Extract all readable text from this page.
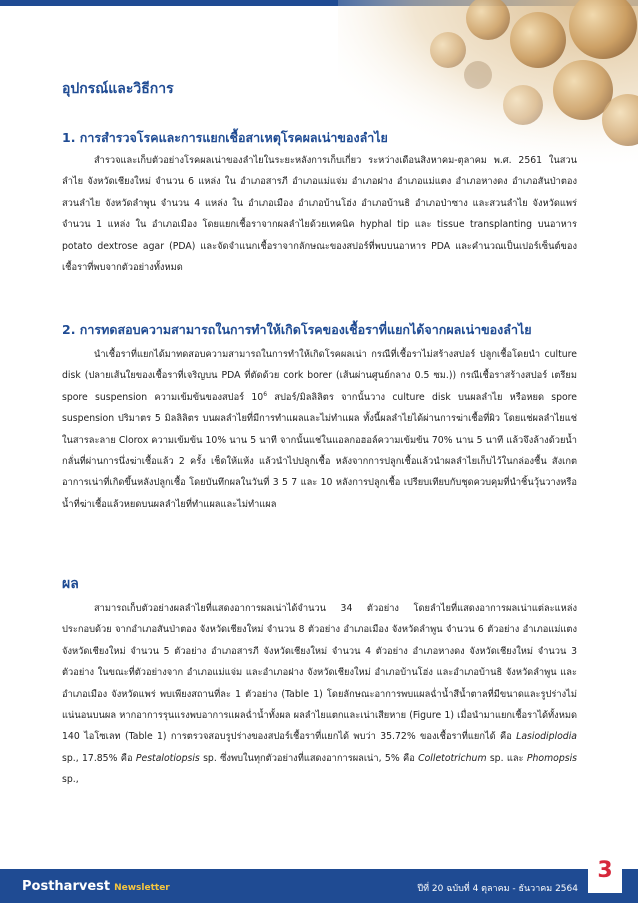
อุปกรณ์และวิธีการ
1. การสำรวจโรคและการแยกเชื้อสาเหตุโรคผลเน่าของลำไย

สำรวจและเก็บตัวอย่างโรคผลเน่าของลำไยในระยะหลังการเก็บเกี่ยว ระหว่างเดือนสิงหาคม-ตุลาคม พ.ศ. 2561 ในสวนลำไย จังหวัดเชียงใหม่ จำนวน 6 แหล่ง ใน อำเภอสารภี อำเภอแม่แจ่ม อำเภอฝาง อำเภอแม่แตง อำเภอหางดง อำเภอสันป่าตอง สวนลำไย จังหวัดลำพูน จำนวน 4 แหล่ง ใน อำเภอเมือง อำเภอบ้านโฮ่ง อำเภอบ้านธิ อำเภอป่าซาง และสวนลำไย จังหวัดแพร่ จำนวน 1 แหล่ง ใน อำเภอเมือง โดยแยกเชื้อราจากผลลำไยด้วยเทคนิค hyphal tip และ tissue transplanting บนอาหาร potato dextrose agar (PDA) และจัดจำแนกเชื้อราจากลักษณะของสปอร์ที่พบบนอาหาร PDA และคำนวณเป็นเปอร์เซ็นต์ของเชื้อราที่พบจากตัวอย่างทั้งหมด

2. การทดสอบความสามารถในการทำให้เกิดโรคของเชื้อราที่แยกได้จากผลเน่าของลำไย

นำเชื้อราที่แยกได้มาทดสอบความสามารถในการทำให้เกิดโรคผลเน่า กรณีที่เชื้อราไม่สร้างสปอร์ ปลูกเชื้อโดยนำ culture disk (ปลายเส้นใยของเชื้อราที่เจริญบน PDA ที่ตัดด้วย cork borer (เส้นผ่านศูนย์กลาง 0.5 ซม.)) กรณีเชื้อราสร้างสปอร์ เตรียม spore suspension ความเข้มข้นของสปอร์ $10^6$ สปอร์/มิลลิลิตร จากนั้นวาง culture disk บนผลลำไย หรือหยด spore suspension ปริมาตร 5 มิลลิลิตร บนผลลำไยที่มีการทำแผลและไม่ทำแผล ทั้งนี้ผลลำไยได้ผ่านการฆ่าเชื้อที่ผิว โดยแช่ผลลำไยแช่ในสารละลาย Clorox ความเข้มข้น 10% นาน 5 นาที จากนั้นแช่ในแอลกอฮอล์ความเข้มข้น 70% นาน 5 นาที แล้วจึงล้างด้วยน้ำกลั่นที่ผ่านการนึ่งฆ่าเชื้อแล้ว 2 ครั้ง เช็ดให้แห้ง แล้วนำไปปลูกเชื้อ หลังจากการปลูกเชื้อแล้วนำผลลำไยเก็บไว้ในกล่องชื้น สังเกตอาการเน่าที่เกิดขึ้นหลังปลูกเชื้อ โดยบันทึกผลในวันที่ 3 5 7 และ 10 หลังการปลูกเชื้อ เปรียบเทียบกับชุดควบคุมที่นำชิ้นวุ้นวางหรือน้ำที่ฆ่าเชื้อแล้วหยดบนผลลำไยที่ทำแผลและไม่ทำแผล

ผล

สามารถเก็บตัวอย่างผลลำไยที่แสดงอาการผลเน่าได้จำนวน 34 ตัวอย่าง โดยลำไยที่แสดงอาการผลเน่าแต่ละแหล่ง ประกอบด้วย จากอำเภอสันป่าตอง จังหวัดเชียงใหม่ จำนวน 8 ตัวอย่าง อำเภอเมือง จังหวัดลำพูน จำนวน 6 ตัวอย่าง อำเภอแม่แตง จังหวัดเชียงใหม่ จำนวน 5 ตัวอย่าง อำเภอสารภี จังหวัดเชียงใหม่ จำนวน 4 ตัวอย่าง อำเภอหางดง จังหวัดเชียงใหม่ จำนวน 3 ตัวอย่าง ในขณะที่ตัวอย่างจาก อำเภอแม่แจ่ม และอำเภอฝาง จังหวัดเชียงใหม่ อำเภอบ้านโฮ่ง และอำเภอบ้านธิ จังหวัดลำพูน และอำเภอเมือง จังหวัดแพร่ พบเพียงสถานที่ละ 1 ตัวอย่าง (Table 1) โดยลักษณะอาการพบแผลฉ่ำน้ำสีน้ำตาลที่มีขนาดและรูปร่างไม่แน่นอนบนผล หากอาการรุนแรงพบอาการแผลฉ่ำน้ำทั้งผล ผลลำไยแตกและเน่าเสียหาย (Figure 1) เมื่อนำมาแยกเชื้อราได้ทั้งหมด 140 ไอโซเลท (Table 1) การตรวจสอบรูปร่างของสปอร์เชื้อราที่แยกได้ พบว่า 35.72% ของเชื้อราที่แยกได้ คือ Lasiodiplodia sp., 17.85% คือ Pestalotiopsis sp. ซึ่งพบในทุกตัวอย่างที่แสดงอาการผลเน่า, 5% คือ Colletotrichum sp. และ Phomopsis sp.,

Postharvest Newsletter	ปีที่ 20 ฉบับที่ 4 ตุลาคม - ธันวาคม 2564

3
